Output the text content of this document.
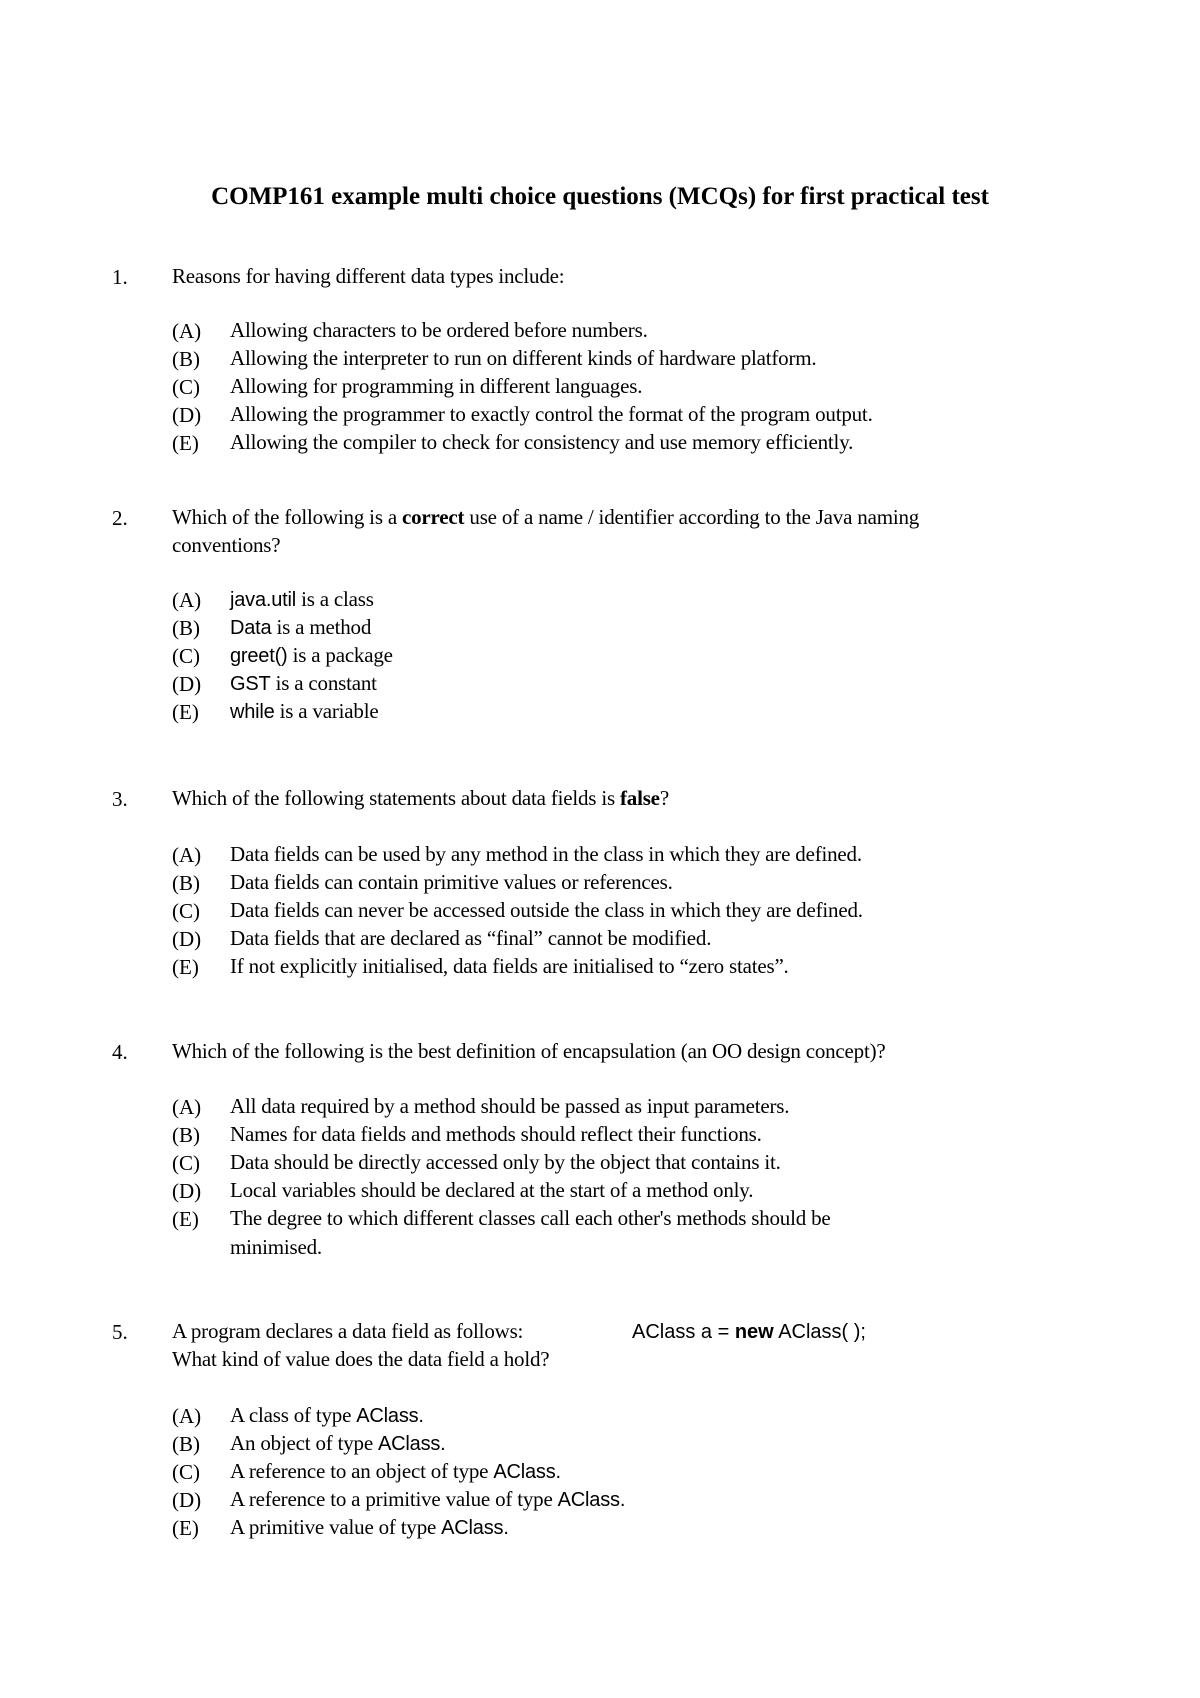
COMP161 example multi choice questions (MCQs) for first practical test
1. Reasons for having different data types include:
(A) Allowing characters to be ordered before numbers.
(B) Allowing the interpreter to run on different kinds of hardware platform.
(C) Allowing for programming in different languages.
(D) Allowing the programmer to exactly control the format of the program output.
(E) Allowing the compiler to check for consistency and use memory efficiently.
2. Which of the following is a correct use of a name / identifier according to the Java naming
conventions?
(A) java.util is a class
(B) Data is a method
(C) greet() is a package
(D) GST is a constant
(E) while is a variable
3. Which of the following statements about data fields is false?
(A) Data fields can be used by any method in the class in which they are defined.
(B) Data fields can contain primitive values or references.
(C) Data fields can never be accessed outside the class in which they are defined.
(D) Data fields that are declared as “final” cannot be modified.
(E) If not explicitly initialised, data fields are initialised to “zero states”.
4. Which of the following is the best definition of encapsulation (an OO design concept)?
(A) All data required by a method should be passed as input parameters.
(B) Names for data fields and methods should reflect their functions.
(C) Data should be directly accessed only by the object that contains it.
(D) Local variables should be declared at the start of a method only.
(E) The degree to which different classes call each other's methods should be
minimised.
5. A program declares a data field as follows:	AClass a = new AClass( );
What kind of value does the data field a hold?
(A) A class of type AClass.
(B) An object of type AClass.
(C) A reference to an object of type AClass.
(D) A reference to a primitive value of type AClass.
(E) A primitive value of type AClass.
